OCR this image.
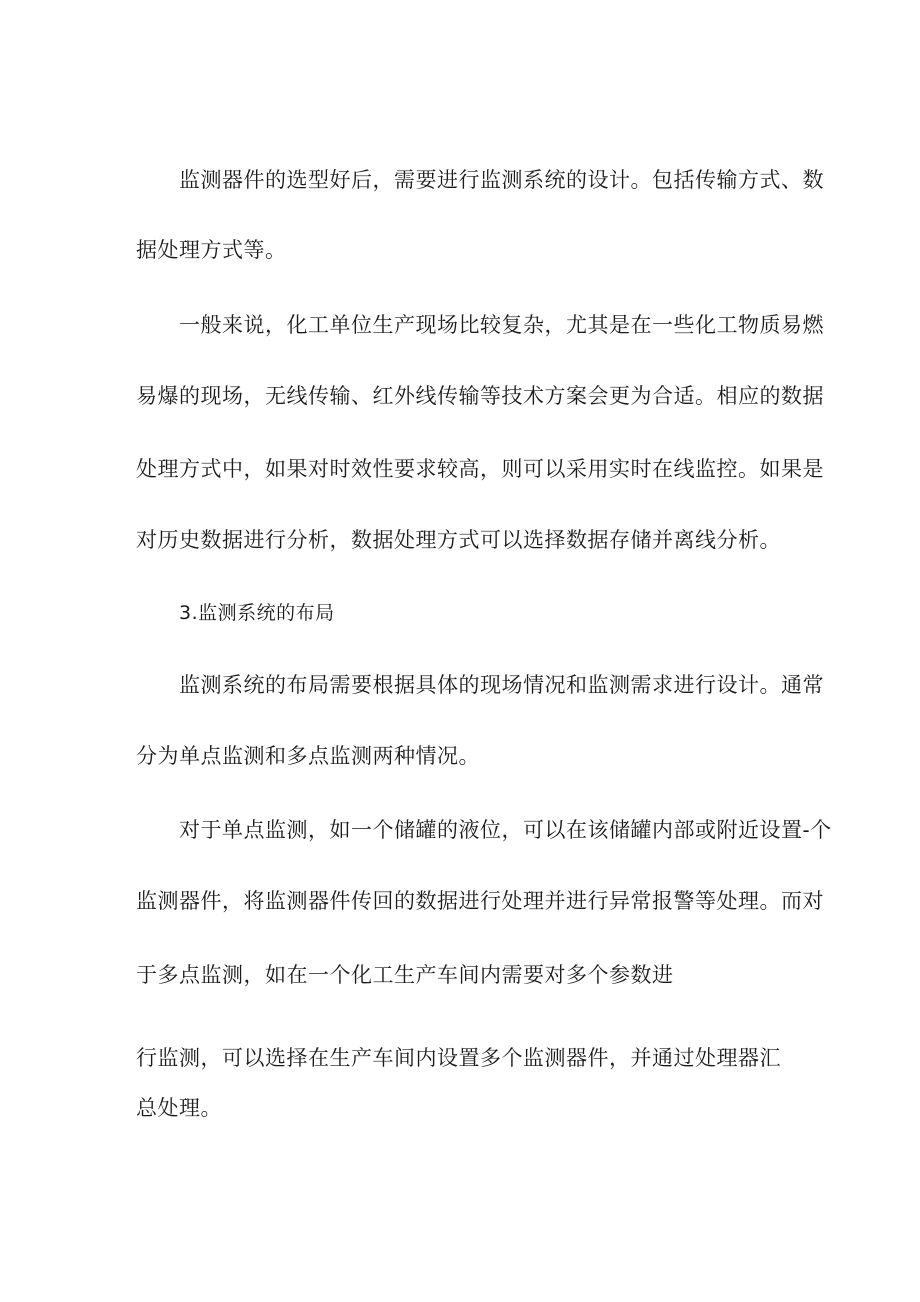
监测器件的选型好后，需要进行监测系统的设计。包括传输方式、数
据处理方式等。
一般来说，化工单位生产现场比较复杂，尤其是在一些化工物质易燃
易爆的现场，无线传输、红外线传输等技术方案会更为合适。相应的数据
处理方式中，如果对时效性要求较高，则可以采用实时在线监控。如果是
对历史数据进行分析，数据处理方式可以选择数据存储并离线分析。
3.监测系统的布局
监测系统的布局需要根据具体的现场情况和监测需求进行设计。通常
分为单点监测和多点监测两种情况。
对于单点监测，如一个储罐的液位，可以在该储罐内部或附近设置-个
监测器件，将监测器件传回的数据进行处理并进行异常报警等处理。而对
于多点监测，如在一个化工生产车间内需要对多个参数进
行监测，可以选择在生产车间内设置多个监测器件，并通过处理器汇
总处理。
